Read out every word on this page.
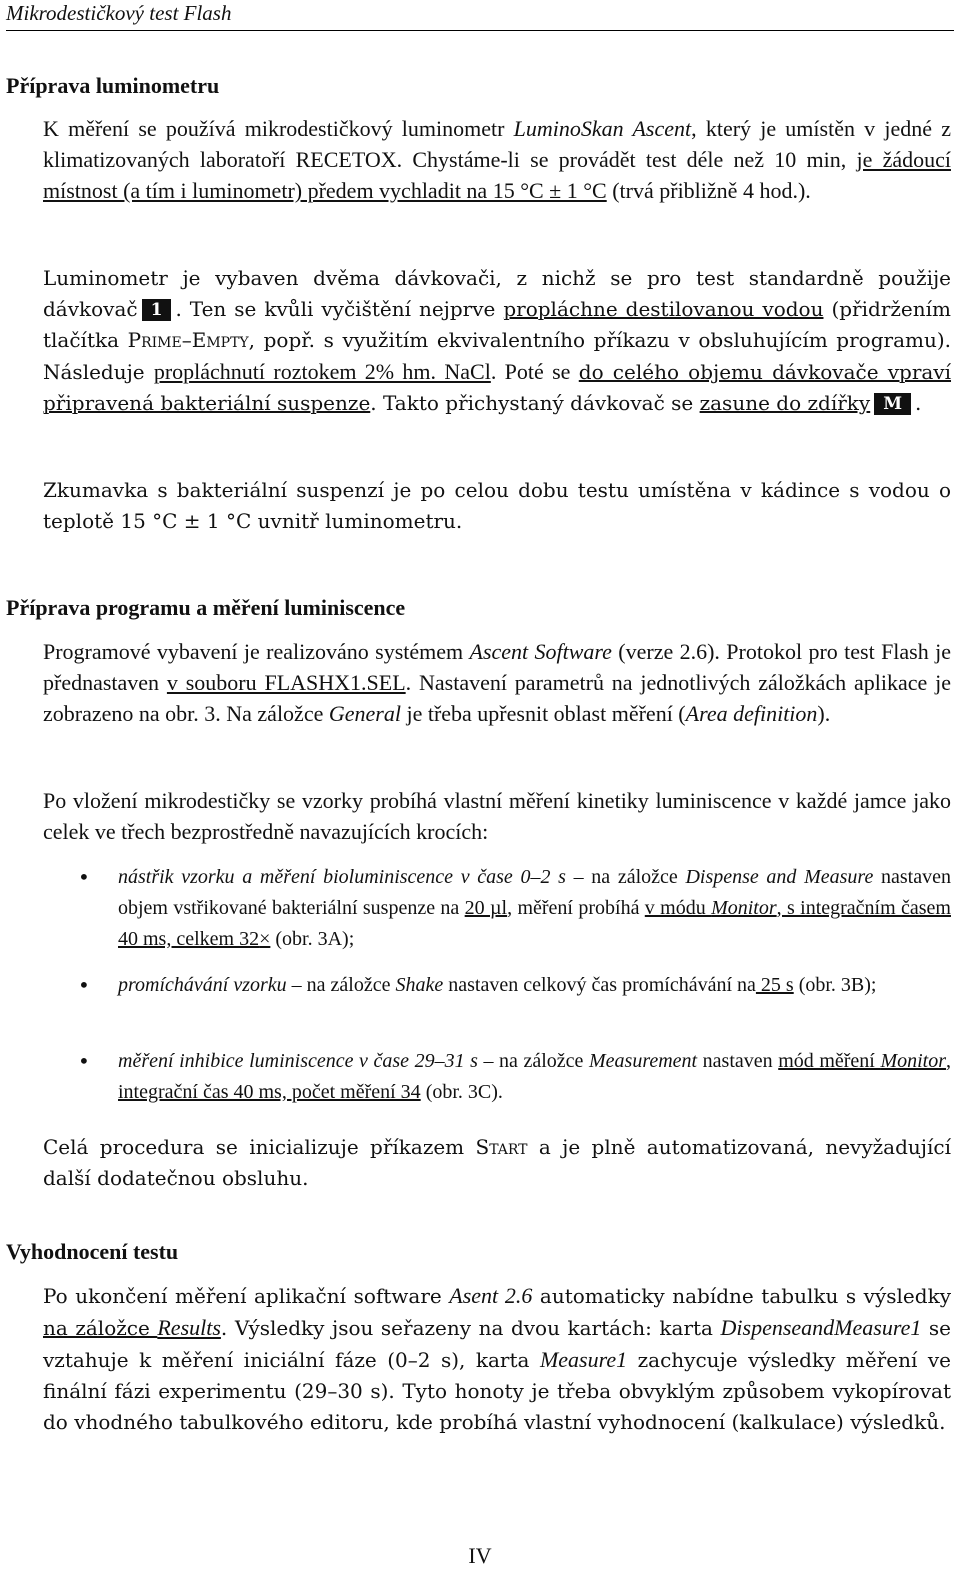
Mikrodestičkový test Flash
Příprava luminometru

K měření se používá mikrodestičkový luminometr LuminoSkan Ascent, který je umístěn v jedné z klimatizovaných laboratoří RECETOX. Chystáme-li se provádět test déle než 10 min, je žádoucí místnost (a tím i luminometr) předem vychladit na 15 °C ± 1 °C (trvá přibližně 4 hod.).

Luminometr je vybaven dvěma dávkovači, z nichž se pro test standardně použije dávkovač 1 . Ten se kvůli vyčištění nejprve propláchne destilovanou vodou (přidržením tlačítka Prime–Empty, popř. s využitím ekvivalentního příkazu v obsluhujícím programu). Následuje propláchnutí roztokem 2% hm. NaCl. Poté se do celého objemu dávkovače vpraví připravená bakteriální suspenze. Takto přichystaný dávkovač se zasune do zdířky M .

Zkumavka s bakteriální suspenzí je po celou dobu testu umístěna v kádince s vodou o teplotě 15 °C ± 1 °C uvnitř luminometru.

Příprava programu a měření luminiscence

Programové vybavení je realizováno systémem Ascent Software (verze 2.6). Protokol pro test Flash je přednastaven v souboru FLASHX1.SEL. Nastavení parametrů na jednotlivých záložkách aplikace je zobrazeno na obr. 3. Na záložce General je třeba upřesnit oblast měření (Area definition).

Po vložení mikrodestičky se vzorky probíhá vlastní měření kinetiky luminiscence v každé jamce jako celek ve třech bezprostředně navazujících krocích:

• nástřik vzorku a měření bioluminiscence v čase 0–2 s – na záložce Dispense and Measure nastaven objem vstřikované bakteriální suspenze na 20 µl, měření probíhá v módu Monitor, s integračním časem 40 ms, celkem 32× (obr. 3A);

• promíchávání vzorku – na záložce Shake nastaven celkový čas promíchávání na 25 s (obr. 3B);

• měření inhibice luminiscence v čase 29–31 s – na záložce Measurement nastaven mód měření Monitor, integrační čas 40 ms, počet měření 34 (obr. 3C).

Celá procedura se inicializuje příkazem Start a je plně automatizovaná, nevyžadující další dodatečnou obsluhu.

Vyhodnocení testu

Po ukončení měření aplikační software Asent 2.6 automaticky nabídne tabulku s výsledky na záložce Results. Výsledky jsou seřazeny na dvou kartách: karta DispenseandMeasure1 se vztahuje k měření iniciální fáze (0–2 s), karta Measure1 zachycuje výsledky měření ve finální fázi experimentu (29–30 s). Tyto honoty je třeba obvyklým způsobem vykopírovat do vhodného tabulkového editoru, kde probíhá vlastní vyhodnocení (kalkulace) výsledků.

IV
